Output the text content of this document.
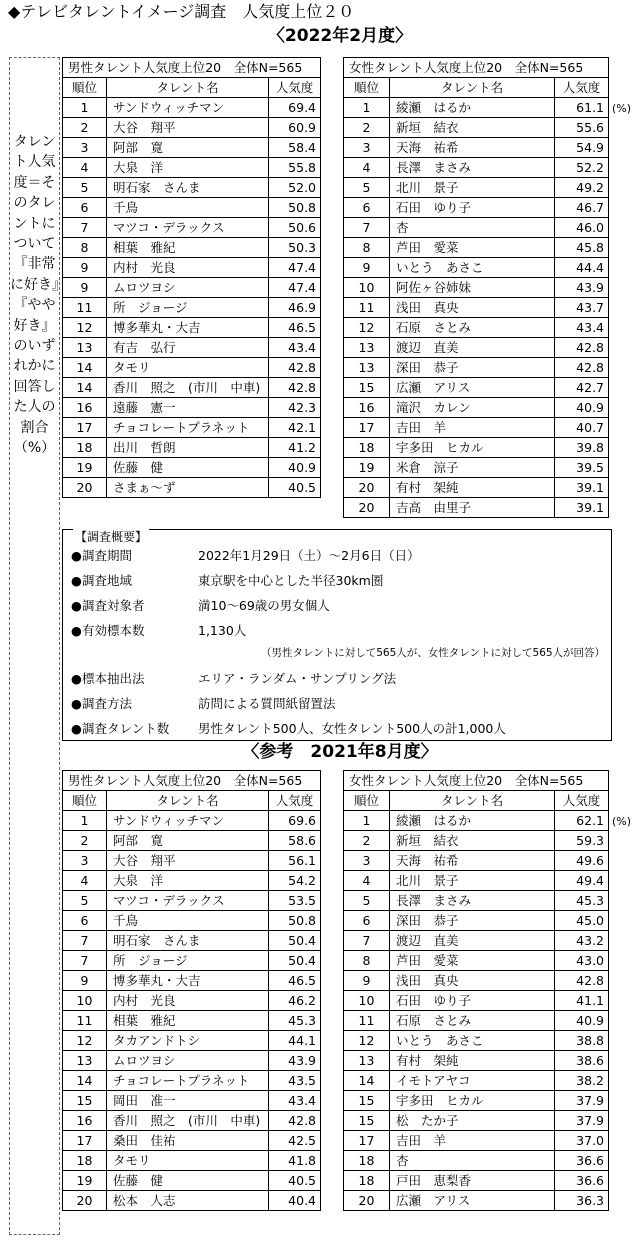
◆テレビタレントイメージ調査　人気度上位２０
〈2022年2月度〉
タレント人気度＝そのタレントについて『非常に好き』『やや好き』のいずれかに回答した人の割合（%）
男性タレント人気度上位20　全体N=565		
順位	タレント名	人気度
1	サンドウィッチマン	69.4
2	大谷　翔平	60.9
3	阿部　寛	58.4
4	大泉　洋	55.8
5	明石家　さんま	52.0
6	千鳥	50.8
7	マツコ・デラックス	50.6
8	相葉　雅紀	50.3
9	内村　光良	47.4
9	ムロツヨシ	47.4
11	所　ジョージ	46.9
12	博多華丸・大吉	46.5
13	有吉　弘行	43.4
14	タモリ	42.8
14	香川　照之　(市川　中車)	42.8
16	遠藤　憲一	42.3
17	チョコレートプラネット	42.1
18	出川　哲朗	41.2
19	佐藤　健	40.9
20	さまぁ～ず	40.5
女性タレント人気度上位20　全体N=565		
順位	タレント名	人気度
1	綾瀬　はるか	61.1
2	新垣　結衣	55.6
3	天海　祐希	54.9
4	長澤　まさみ	52.2
5	北川　景子	49.2
6	石田　ゆり子	46.7
7	杏	46.0
8	芦田　愛菜	45.8
9	いとう　あさこ	44.4
10	阿佐ヶ谷姉妹	43.9
11	浅田　真央	43.7
12	石原　さとみ	43.4
13	渡辺　直美	42.8
13	深田　恭子	42.8
15	広瀬　アリス	42.7
16	滝沢　カレン	40.9
17	吉田　羊	40.7
18	宇多田　ヒカル	39.8
19	米倉　涼子	39.5
20	有村　架純	39.1
20	吉高　由里子	39.1
(%)
【調査概要】
●調査期間	2022年1月29日（土）～2月6日（日）
●調査地域	東京駅を中心とした半径30km圏
●調査対象者	満10～69歳の男女個人
●有効標本数	1,130人
（男性タレントに対して565人が、女性タレントに対して565人が回答）
●標本抽出法	エリア・ランダム・サンプリング法
●調査方法	訪問による質問紙留置法
●調査タレント数 男性タレント500人、女性タレント500人の計1,000人
〈参考　2021年8月度〉
男性タレント人気度上位20　全体N=565		
順位	タレント名	人気度
1	サンドウィッチマン	69.6
2	阿部　寛	58.6
3	大谷　翔平	56.1
4	大泉　洋	54.2
5	マツコ・デラックス	53.5
6	千鳥	50.8
7	明石家　さんま	50.4
7	所　ジョージ	50.4
9	博多華丸・大吉	46.5
10	内村　光良	46.2
11	相葉　雅紀	45.3
12	タカアンドトシ	44.1
13	ムロツヨシ	43.9
14	チョコレートプラネット	43.5
15	岡田　准一	43.4
16	香川　照之　(市川　中車)	42.8
17	桑田　佳祐	42.5
18	タモリ	41.8
19	佐藤　健	40.5
20	松本　人志	40.4
女性タレント人気度上位20　全体N=565		
順位	タレント名	人気度
1	綾瀬　はるか	62.1
2	新垣　結衣	59.3
3	天海　祐希	49.6
4	北川　景子	49.4
5	長澤　まさみ	45.3
6	深田　恭子	45.0
7	渡辺　直美	43.2
8	芦田　愛菜	43.0
9	浅田　真央	42.8
10	石田　ゆり子	41.1
11	石原　さとみ	40.9
12	いとう　あさこ	38.8
13	有村　架純	38.6
14	イモトアヤコ	38.2
15	宇多田　ヒカル	37.9
15	松　たか子	37.9
17	吉田　羊	37.0
18	杏	36.6
18	戸田　恵梨香	36.6
20	広瀬　アリス	36.3
(%)
